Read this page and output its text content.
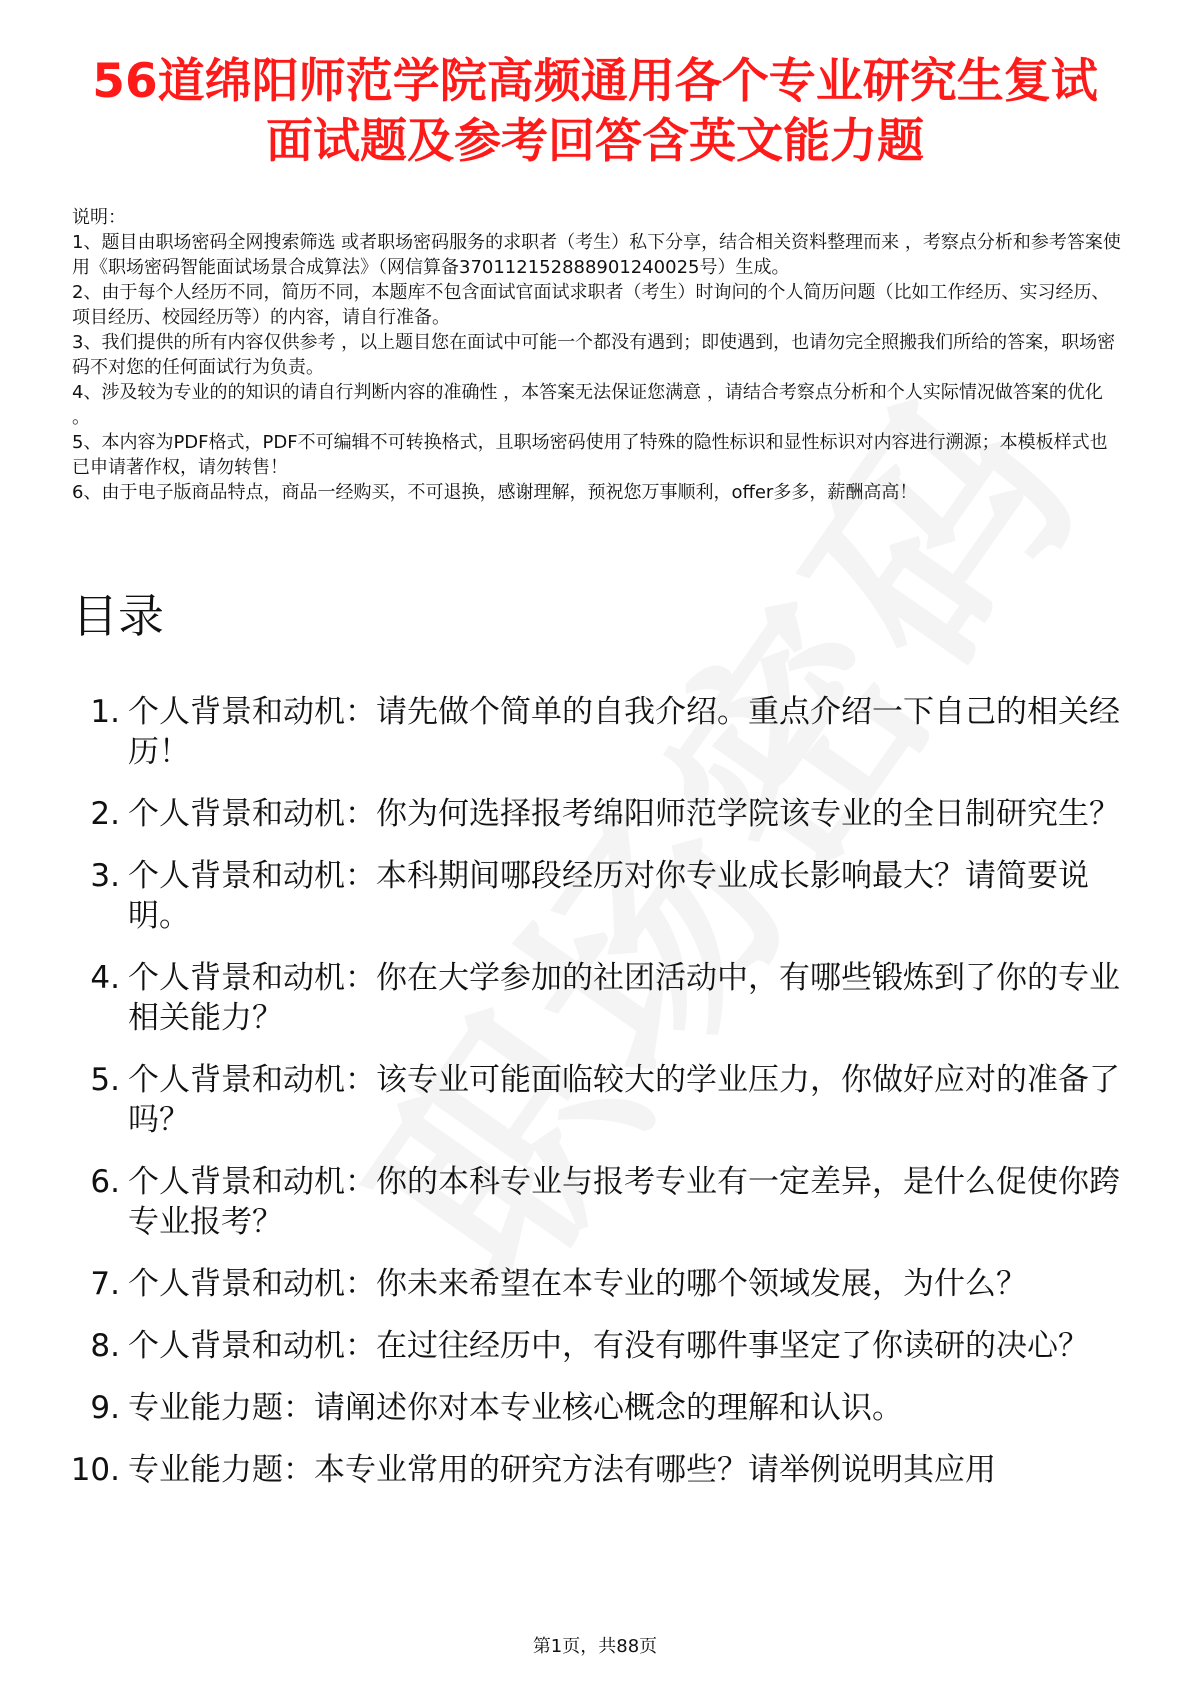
56道绵阳师范学院高频通用各个专业研究生复试面试题及参考回答含英文能力题

说明：

1、题目由职场密码全网搜索筛选 或者职场密码服务的求职者（考生）私下分享，结合相关资料整理而来 ，考察点分析和参考答案使用《职场密码智能面试场景合成算法》（网信算备370112152888901240025号）生成。

2、由于每个人经历不同，简历不同，本题库不包含面试官面试求职者（考生）时询问的个人简历问题（比如工作经历、实习经历、项目经历、校园经历等）的内容，请自行准备。

3、我们提供的所有内容仅供参考 ，以上题目您在面试中可能一个都没有遇到；即使遇到，也请勿完全照搬我们所给的答案，职场密码不对您的任何面试行为负责。

4、涉及较为专业的的知识的请自行判断内容的准确性 ，本答案无法保证您满意 ，请结合考察点分析和个人实际情况做答案的优化 。

5、本内容为PDF格式，PDF不可编辑不可转换格式，且职场密码使用了特殊的隐性标识和显性标识对内容进行溯源；本模板样式也已申请著作权，请勿转售！

6、由于电子版商品特点，商品一经购买，不可退换，感谢理解，预祝您万事顺利，offer多多，薪酬高高！

目录
1. 个人背景和动机：请先做个简单的自我介绍。重点介绍一下自己的相关经历！
2. 个人背景和动机：你为何选择报考绵阳师范学院该专业的全日制研究生？
3. 个人背景和动机：本科期间哪段经历对你专业成长影响最大？请简要说明。
4. 个人背景和动机：你在大学参加的社团活动中，有哪些锻炼到了你的专业相关能力？
5. 个人背景和动机：该专业可能面临较大的学业压力，你做好应对的准备了吗？
6. 个人背景和动机：你的本科专业与报考专业有一定差异，是什么促使你跨专业报考？
7. 个人背景和动机：你未来希望在本专业的哪个领域发展，为什么？
8. 个人背景和动机：在过往经历中，有没有哪件事坚定了你读研的决心？
9. 专业能力题：请阐述你对本专业核心概念的理解和认识。
10. 专业能力题：本专业常用的研究方法有哪些？请举例说明其应用
第1页，共88页
